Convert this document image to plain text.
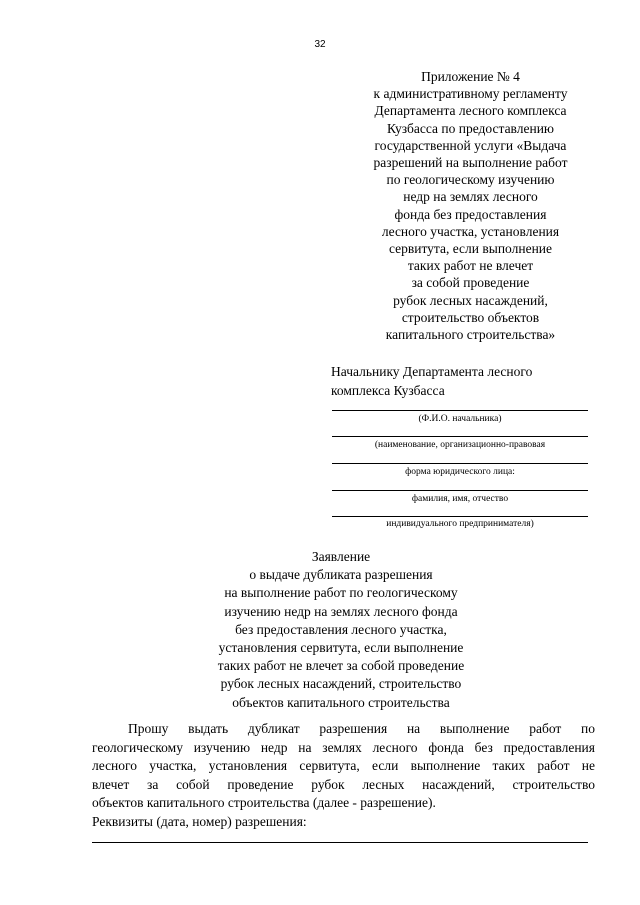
32
Приложение № 4
к административному регламенту
Департамента лесного комплекса
Кузбасса по предоставлению
государственной услуги «Выдача
разрешений на выполнение работ
по геологическому изучению
недр на землях лесного
фонда без предоставления
лесного участка, установления
сервитута, если выполнение
таких работ не влечет
за собой проведение
рубок лесных насаждений,
строительство объектов
капитального строительства»
Начальнику Департамента лесного
комплекса Кузбасса
(Ф.И.О. начальника)
(наименование, организационно-правовая
форма юридического лица:
фамилия, имя, отчество
индивидуального предпринимателя)
Заявление
о выдаче дубликата разрешения
на выполнение работ по геологическому
изучению недр на землях лесного фонда
без предоставления лесного участка,
установления сервитута, если выполнение
таких работ не влечет за собой проведение
рубок лесных насаждений, строительство
объектов капитального строительства
Прошу выдать дубликат разрешения на выполнение работ по
геологическому изучению недр на землях лесного фонда без предоставления
лесного участка, установления сервитута, если выполнение таких работ не
влечет за собой проведение рубок лесных насаждений, строительство
объектов капитального строительства (далее - разрешение).
Реквизиты (дата, номер) разрешения:
